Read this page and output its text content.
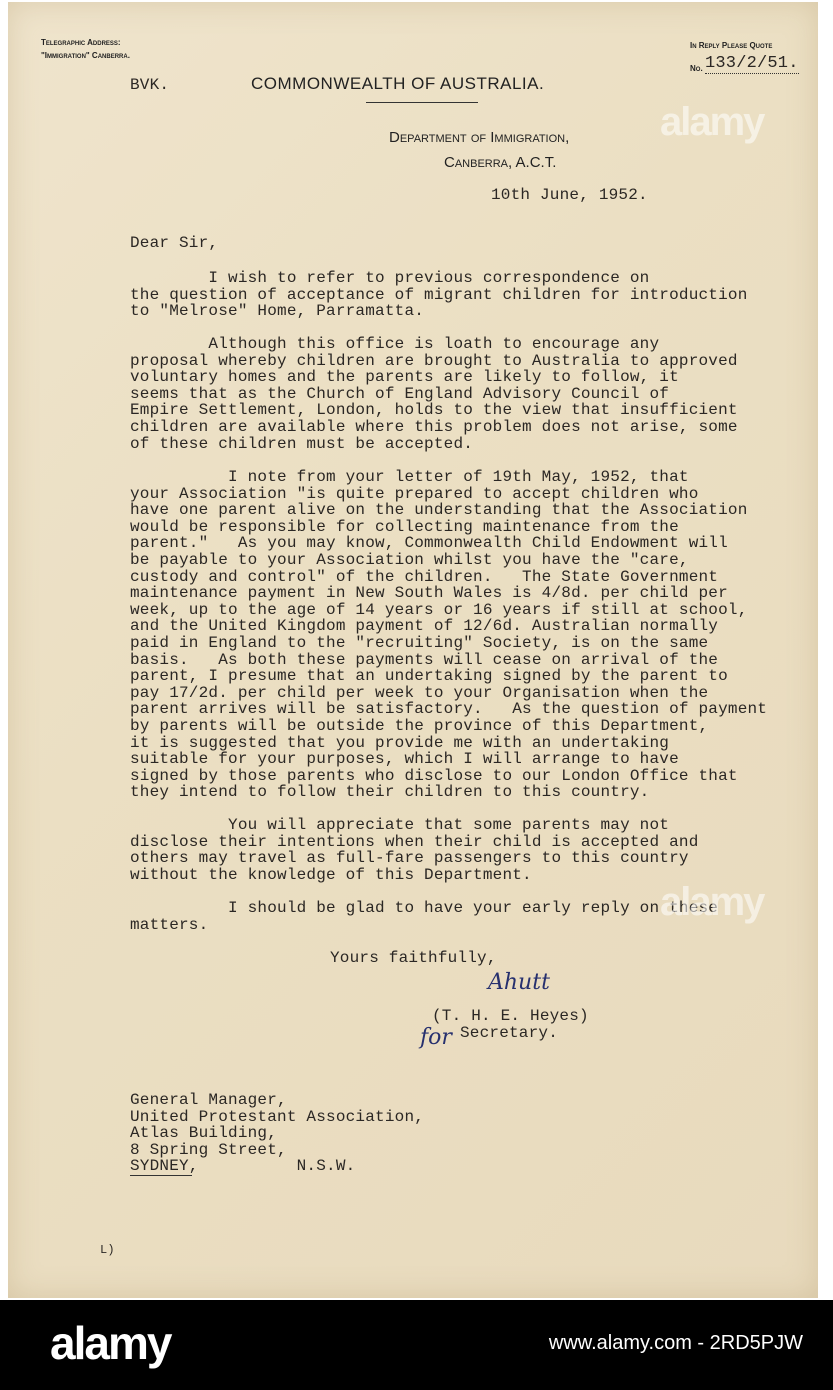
Telegraphic Address:
"Immigration" Canberra.
In Reply Please Quote
No. 133/2/51.
BVK.	COMMONWEALTH OF AUSTRALIA.
Department of Immigration,
Canberra, A.C.T.
10th June, 1952.
alamy
Dear Sir,
I wish to refer to previous correspondence on
the question of acceptance of migrant children for introduction
to "Melrose" Home, Parramatta.
Although this office is loath to encourage any
proposal whereby children are brought to Australia to approved
voluntary homes and the parents are likely to follow, it
seems that as the Church of England Advisory Council of
Empire Settlement, London, holds to the view that insufficient
children are available where this problem does not arise, some
of these children must be accepted.
I note from your letter of 19th May, 1952, that
your Association "is quite prepared to accept children who
have one parent alive on the understanding that the Association
would be responsible for collecting maintenance from the
parent."   As you may know, Commonwealth Child Endowment will
be payable to your Association whilst you have the "care,
custody and control" of the children.   The State Government
maintenance payment in New South Wales is 4/8d. per child per
week, up to the age of 14 years or 16 years if still at school,
and the United Kingdom payment of 12/6d. Australian normally
paid in England to the "recruiting" Society, is on the same
basis.   As both these payments will cease on arrival of the
parent, I presume that an undertaking signed by the parent to
pay 17/2d. per child per week to your Organisation when the
parent arrives will be satisfactory.   As the question of payment
by parents will be outside the province of this Department,
it is suggested that you provide me with an undertaking
suitable for your purposes, which I will arrange to have
signed by those parents who disclose to our London Office that
they intend to follow their children to this country.
You will appreciate that some parents may not
disclose their intentions when their child is accepted and
others may travel as full-fare passengers to this country
without the knowledge of this Department.
I should be glad to have your early reply on these
matters.
Yours faithfully,
Ahutt
(T. H. E. Heyes)
for Secretary.
General Manager,
United Protestant Association,
Atlas Building,
8 Spring Street,
SYDNEY,          N.S.W.
L)
alamy
alamy	www.alamy.com - 2RD5PJW
